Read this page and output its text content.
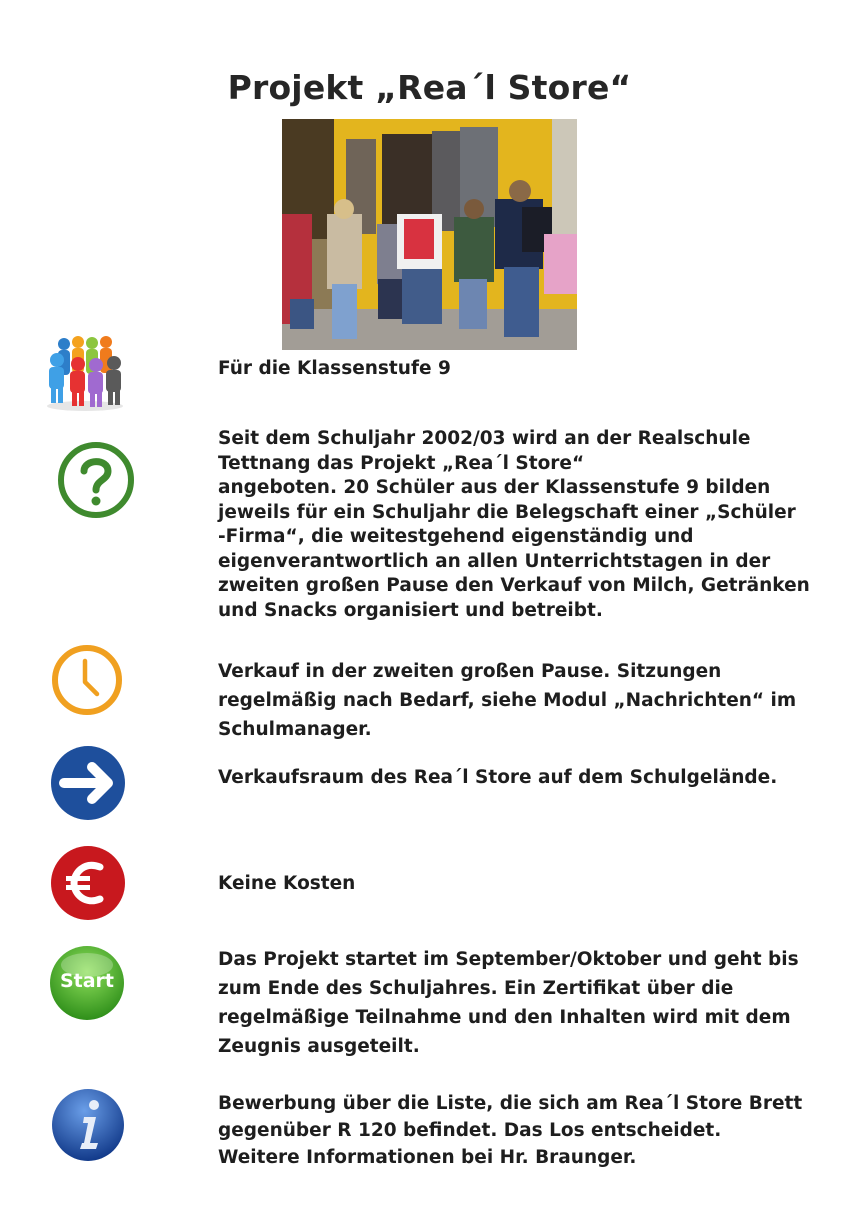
Projekt „Rea´l Store“
Für die Klassenstufe 9
Seit dem Schuljahr 2002/03 wird an der Realschule
Tettnang das Projekt „Rea´l Store“
angeboten. 20 Schüler aus der Klassenstufe 9 bilden
jeweils für ein Schuljahr die Belegschaft einer „Schüler
-Firma“, die weitestgehend eigenständig und
eigenverantwortlich an allen Unterrichtstagen in der
zweiten großen Pause den Verkauf von Milch, Getränken
und Snacks organisiert und betreibt.
Verkauf in der zweiten großen Pause. Sitzungen
regelmäßig nach Bedarf, siehe Modul „Nachrichten“ im
Schulmanager.
Verkaufsraum des Rea´l Store auf dem Schulgelände.
Keine Kosten
Start
Das Projekt startet im September/Oktober und geht bis
zum Ende des Schuljahres. Ein Zertifikat über die
regelmäßige Teilnahme und den Inhalten wird mit dem
Zeugnis ausgeteilt.
Bewerbung über die Liste, die sich am Rea´l Store Brett
gegenüber R 120 befindet. Das Los entscheidet.
Weitere Informationen bei Hr. Braunger.
